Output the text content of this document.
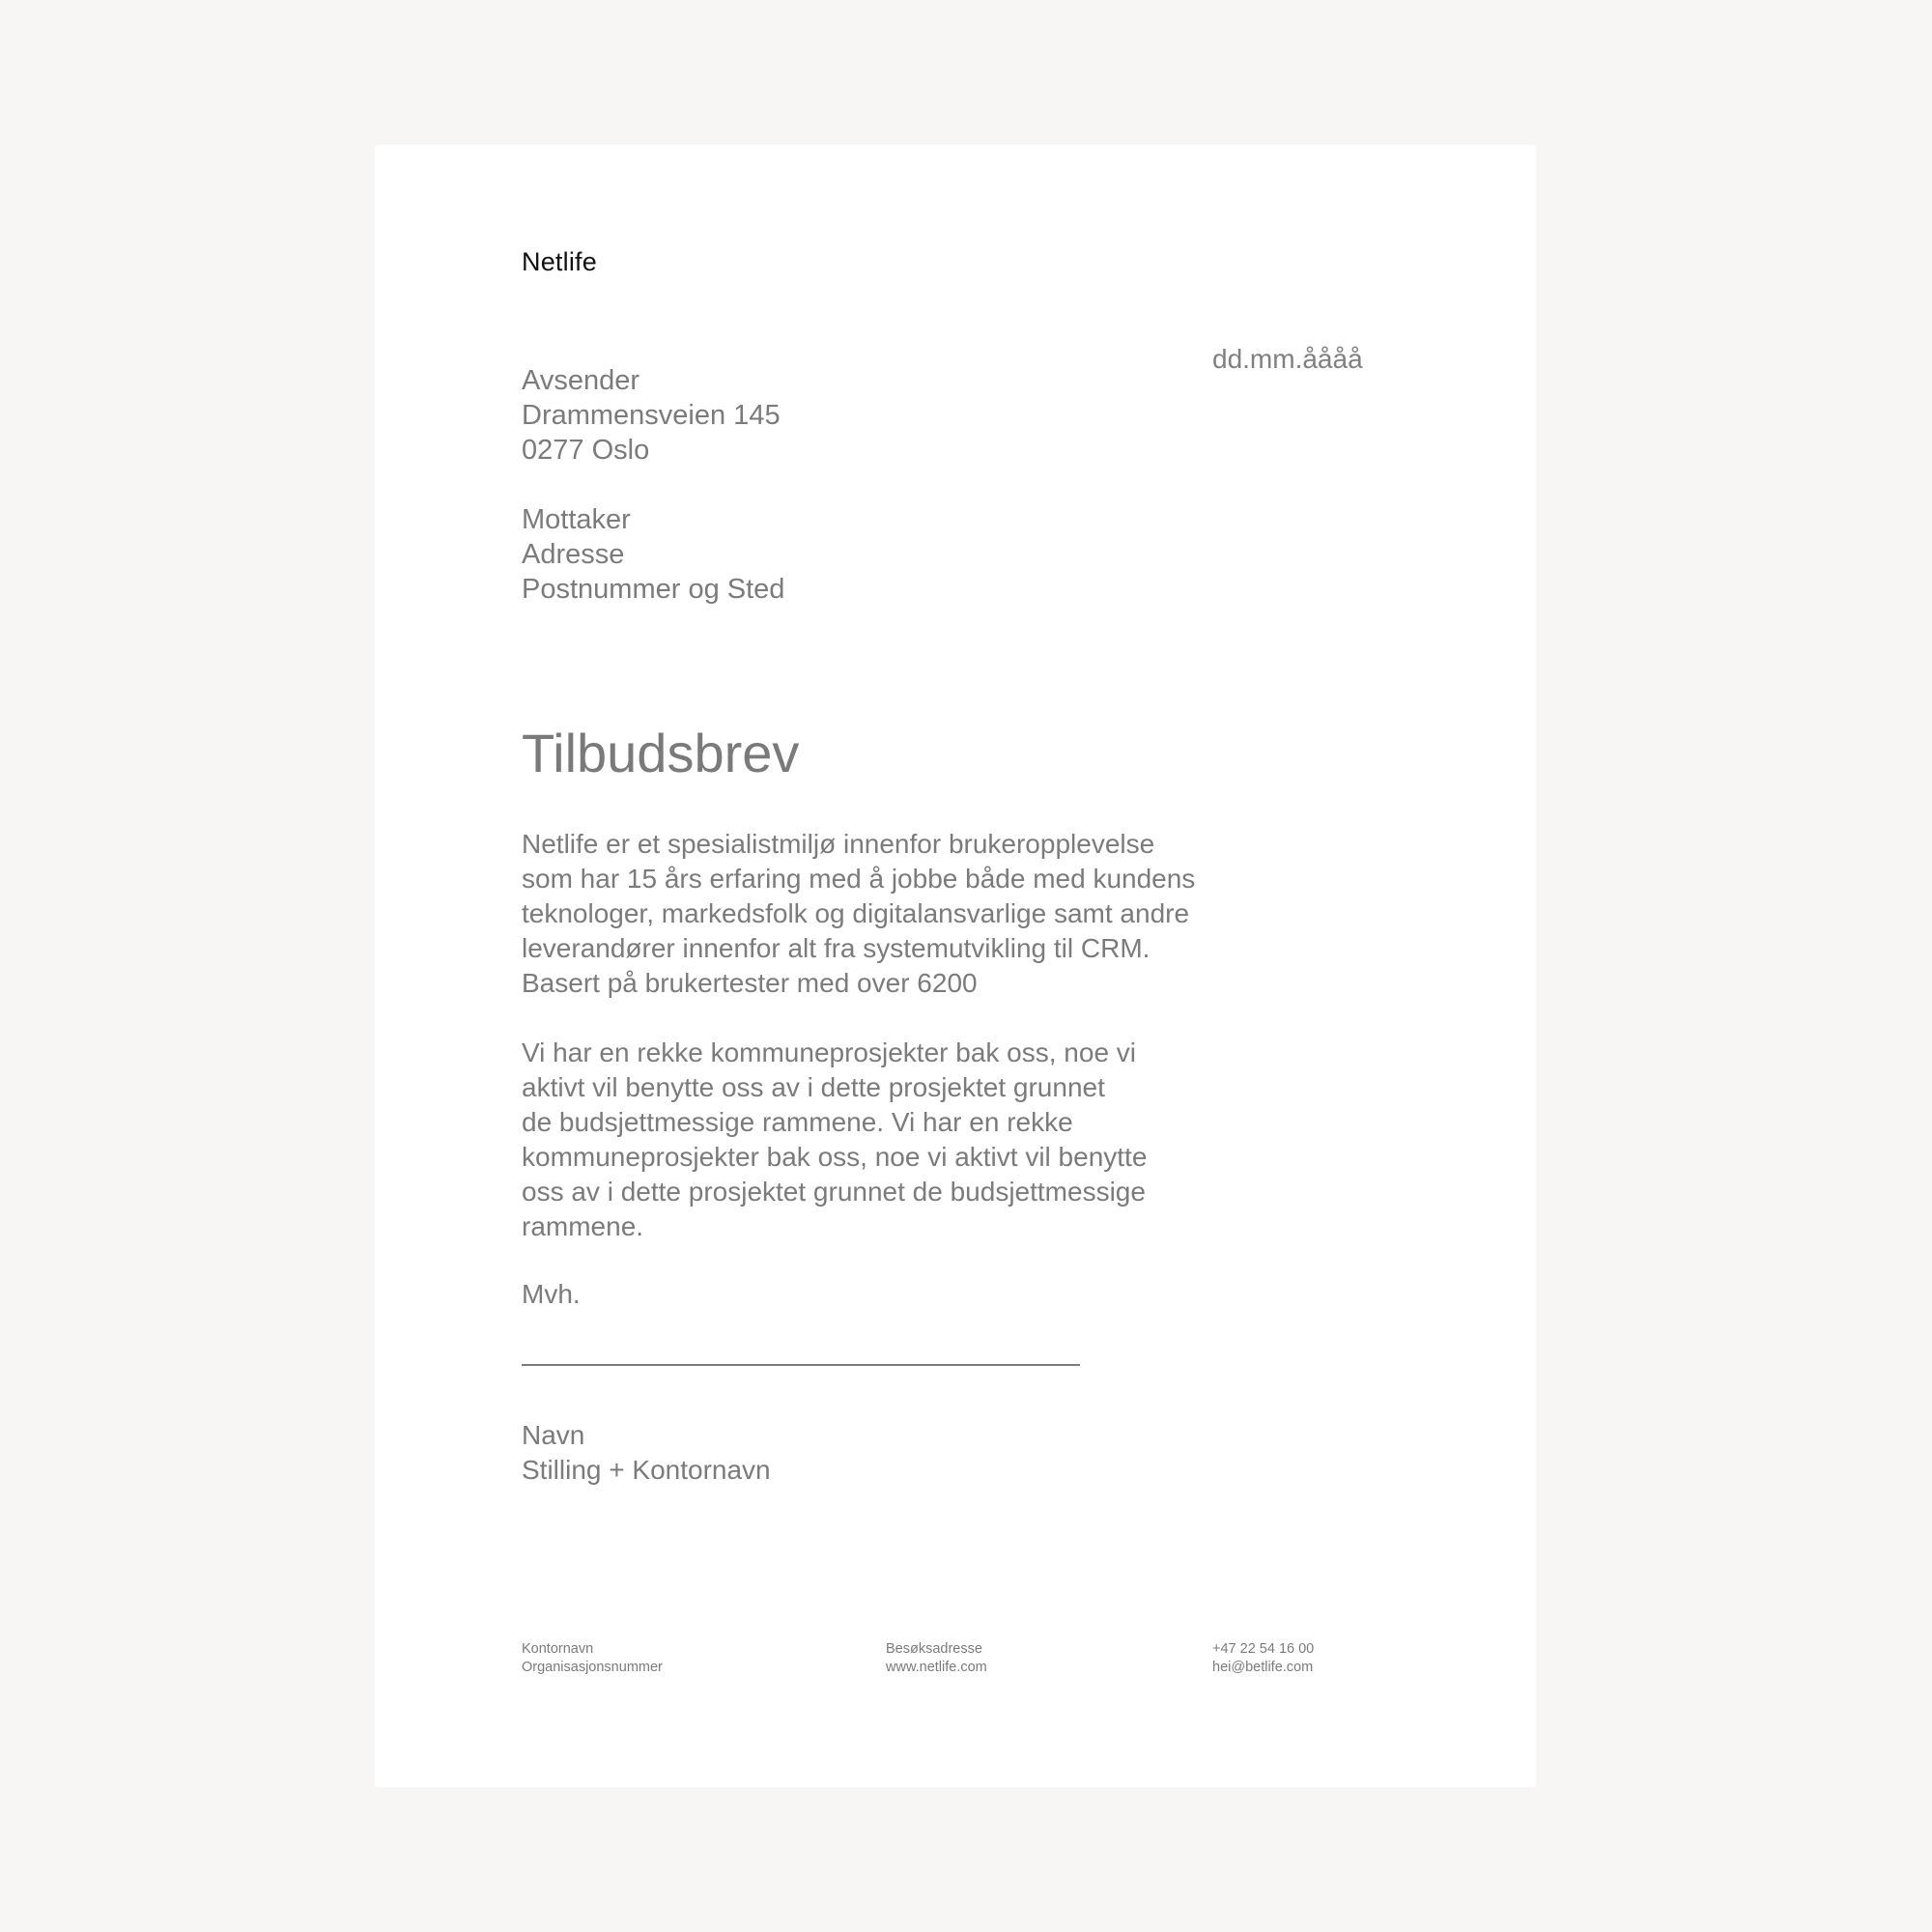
Netlife
dd.mm.åååå
Avsender
Drammensveien 145
0277 Oslo
Mottaker
Adresse
Postnummer og Sted
Tilbudsbrev
Netlife er et spesialistmiljø innenfor brukeropplevelse
som har 15 års erfaring med å jobbe både med kundens
teknologer, markedsfolk og digitalansvarlige samt andre
leverandører innenfor alt fra systemutvikling til CRM.
Basert på brukertester med over 6200
Vi har en rekke kommuneprosjekter bak oss, noe vi
aktivt vil benytte oss av i dette prosjektet grunnet
de budsjettmessige rammene. Vi har en rekke
kommuneprosjekter bak oss, noe vi aktivt vil benytte
oss av i dette prosjektet grunnet de budsjettmessige
rammene.
Mvh.
Navn
Stilling + Kontornavn
Kontornavn
Organisasjonsnummer
Besøksadresse
www.netlife.com
+47 22 54 16 00
hei@betlife.com
